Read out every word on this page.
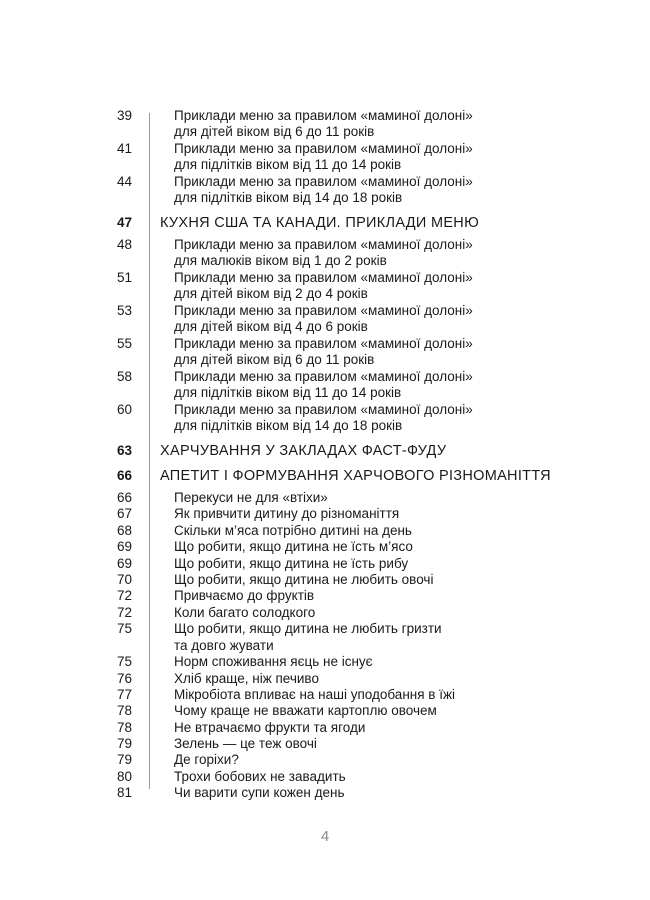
39	Приклади меню за правилом «маминої долоні»
для дітей віком від 6 до 11 років
41	Приклади меню за правилом «маминої долоні»
для підлітків віком від 11 до 14 років
44	Приклади меню за правилом «маминої долоні»
для підлітків віком від 14 до 18 років
47 КУХНЯ США ТА КАНАДИ. ПРИКЛАДИ МЕНЮ
48	Приклади меню за правилом «маминої долоні»
для малюків віком від 1 до 2 років
51	Приклади меню за правилом «маминої долоні»
для дітей віком від 2 до 4 років
53	Приклади меню за правилом «маминої долоні»
для дітей віком від 4 до 6 років
55	Приклади меню за правилом «маминої долоні»
для дітей віком від 6 до 11 років
58	Приклади меню за правилом «маминої долоні»
для підлітків віком від 11 до 14 років
60	Приклади меню за правилом «маминої долоні»
для підлітків віком від 14 до 18 років
63 ХАРЧУВАННЯ У ЗАКЛАДАХ ФАСТ-ФУДУ
66 АПЕТИТ І ФОРМУВАННЯ ХАРЧОВОГО РІЗНОМАНІТТЯ
66	Перекуси не для «втіхи»
67	Як привчити дитину до різноманіття
68	Скільки м’яса потрібно дитині на день
69	Що робити, якщо дитина не їсть м’ясо
69	Що робити, якщо дитина не їсть рибу
70	Що робити, якщо дитина не любить овочі
72	Привчаємо до фруктів
72	Коли багато солодкого
75	Що робити, якщо дитина не любить гризти
та довго жувати
75	Норм споживання яєць не існує
76	Хліб краще, ніж печиво
77	Мікробіота впливає на наші уподобання в їжі
78	Чому краще не вважати картоплю овочем
78	Не втрачаємо фрукти та ягоди
79	Зелень — це теж овочі
79	Де горіхи?
80	Трохи бобових не завадить
81	Чи варити супи кожен день
4
